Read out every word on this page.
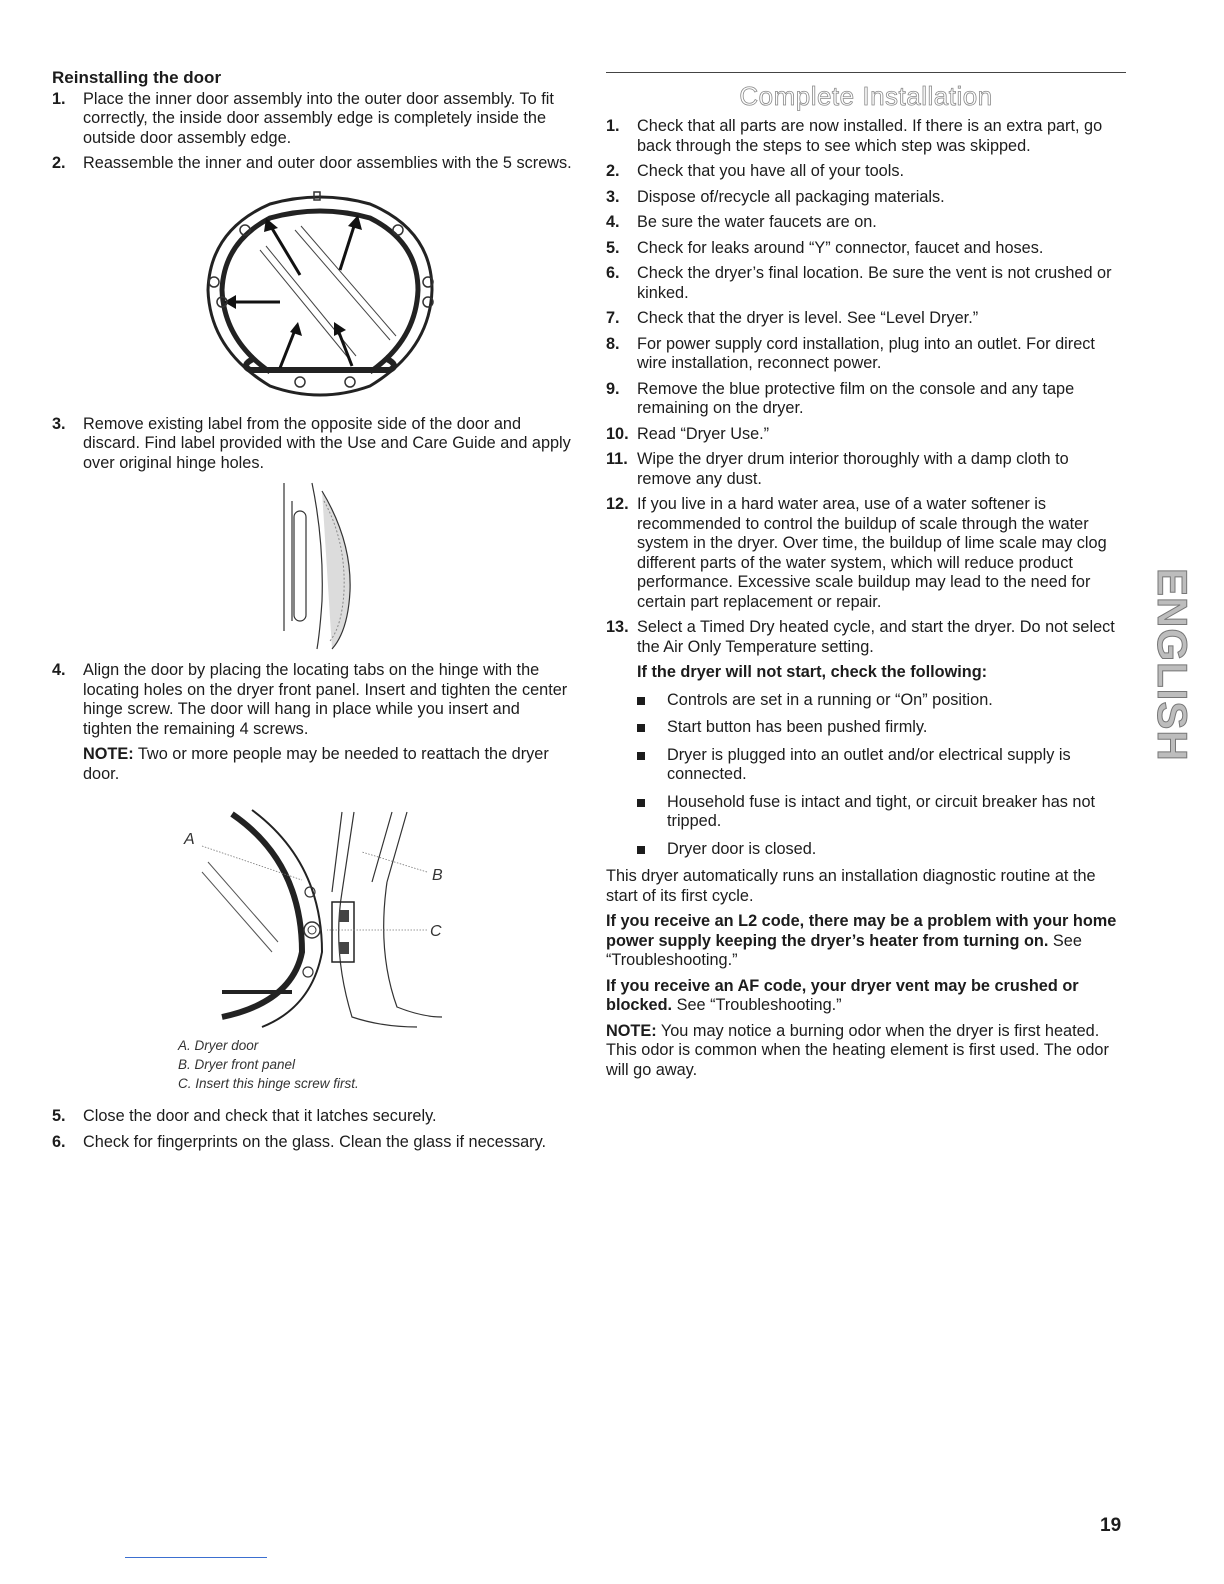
Reinstalling the door
1. Place the inner door assembly into the outer door assembly. To fit correctly, the inside door assembly edge is completely inside the outside door assembly edge.
2. Reassemble the inner and outer door assemblies with the 5 screws.
3. Remove existing label from the opposite side of the door and discard. Find label provided with the Use and Care Guide and apply over original hinge holes.
4. Align the door by placing the locating tabs on the hinge with the locating holes on the dryer front panel. Insert and tighten the center hinge screw. The door will hang in place while you insert and tighten the remaining 4 screws.

NOTE: Two or more people may be needed to reattach the dryer door.

A
B
C
A. Dryer door
B. Dryer front panel
C. Insert this hinge screw first.
5. Close the door and check that it latches securely.
6. Check for fingerprints on the glass. Clean the glass if necessary.
Complete Installation
1. Check that all parts are now installed. If there is an extra part, go back through the steps to see which step was skipped.
2. Check that you have all of your tools.
3. Dispose of/recycle all packaging materials.
4. Be sure the water faucets are on.
5. Check for leaks around “Y” connector, faucet and hoses.
6. Check the dryer’s final location. Be sure the vent is not crushed or kinked.
7. Check that the dryer is level. See “Level Dryer.”
8. For power supply cord installation, plug into an outlet. For direct wire installation, reconnect power.
9. Remove the blue protective film on the console and any tape remaining on the dryer.
10. Read “Dryer Use.”
11. Wipe the dryer drum interior thoroughly with a damp cloth to remove any dust.
12. If you live in a hard water area, use of a water softener is recommended to control the buildup of scale through the water system in the dryer. Over time, the buildup of lime scale may clog different parts of the water system, which will reduce product performance. Excessive scale buildup may lead to the need for certain part replacement or repair.
13. Select a Timed Dry heated cycle, and start the dryer. Do not select the Air Only Temperature setting.
If the dryer will not start, check the following:
Controls are set in a running or “On” position.
Start button has been pushed firmly.
Dryer is plugged into an outlet and/or electrical supply is connected.
Household fuse is intact and tight, or circuit breaker has not tripped.
Dryer door is closed.

This dryer automatically runs an installation diagnostic routine at the start of its first cycle.

If you receive an L2 code, there may be a problem with your home power supply keeping the dryer’s heater from turning on. See “Troubleshooting.”

If you receive an AF code, your dryer vent may be crushed or blocked. See “Troubleshooting.”

NOTE: You may notice a burning odor when the dryer is first heated. This odor is common when the heating element is first used. The odor will go away.

ENGLISH
19
